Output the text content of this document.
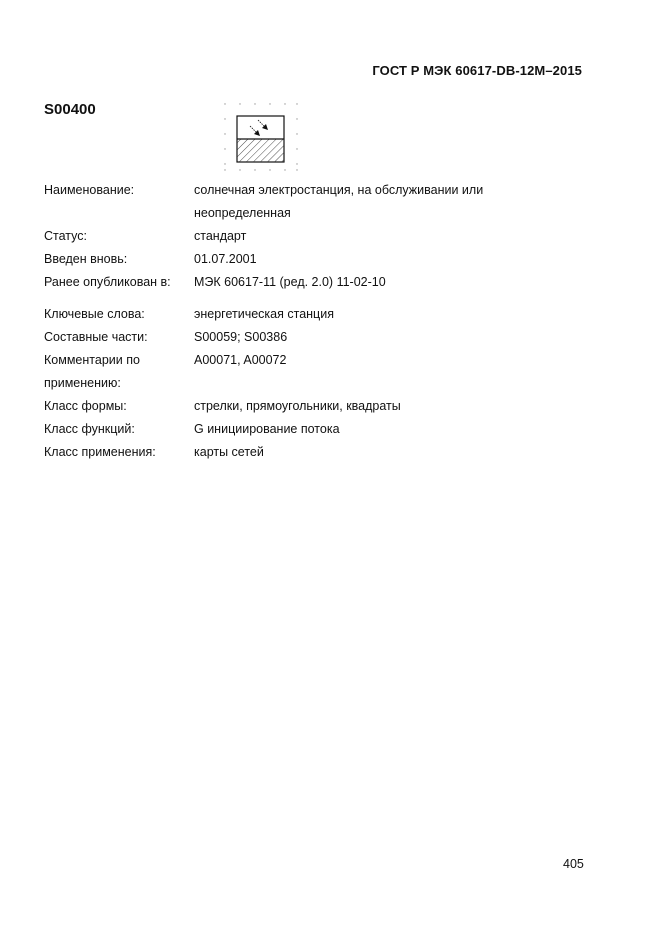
ГОСТ Р МЭК 60617-DB-12M–2015
S00400
Наименование:	солнечная электростанция, на обслуживании или
неопределенная
Статус:	стандарт
Введен вновь:	01.07.2001
Ранее опубликован в:	МЭК 60617-11 (ред. 2.0) 11-02-10
Ключевые слова:	энергетическая станция
Составные части:	S00059; S00386
Комментарии по
применению:
A00071, A00072
Класс формы:	стрелки, прямоугольники, квадраты
Класс функций:	G инициирование потока
Класс применения:	карты сетей
405
